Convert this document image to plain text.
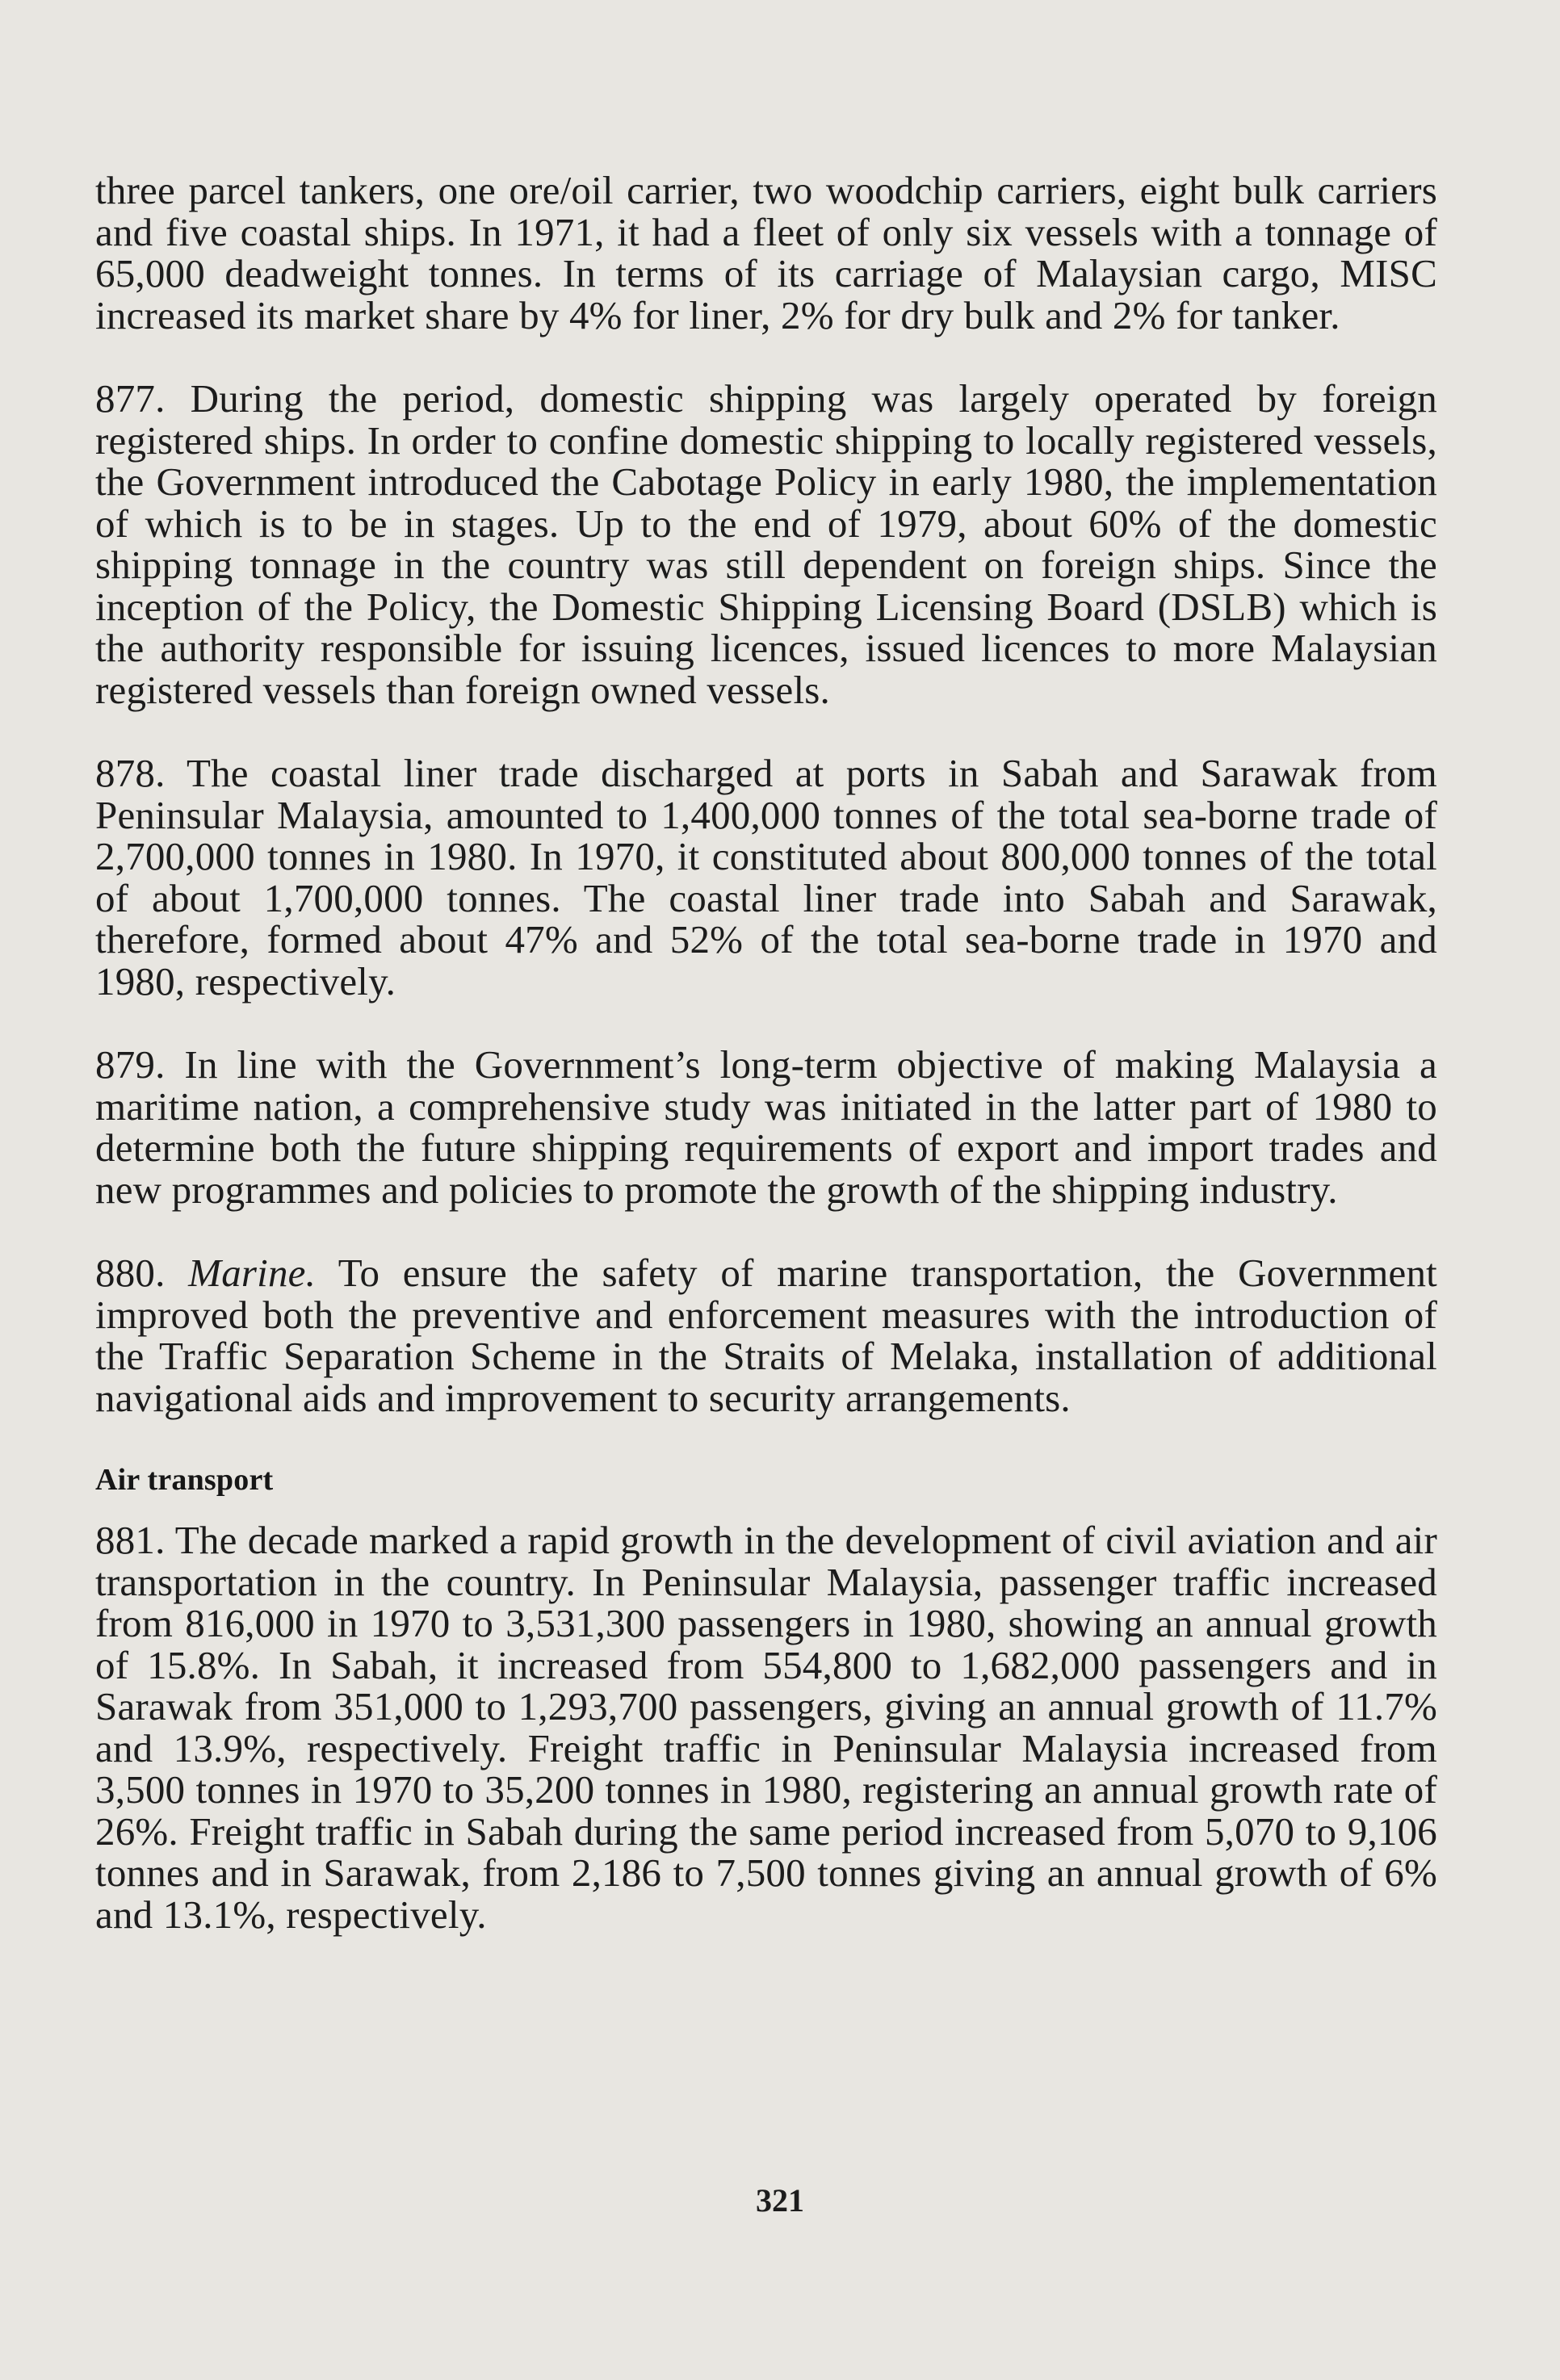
three parcel tankers, one ore/oil carrier, two woodchip carriers, eight bulk carriers and five coastal ships. In 1971, it had a fleet of only six vessels with a tonnage of 65,000 deadweight tonnes. In terms of its carriage of Malaysian cargo, MISC increased its market share by 4% for liner, 2% for dry bulk and 2% for tanker.

877. During the period, domestic shipping was largely operated by foreign registered ships. In order to confine domestic shipping to locally registered vessels, the Government introduced the Cabotage Policy in early 1980, the implementation of which is to be in stages. Up to the end of 1979, about 60% of the domestic shipping tonnage in the country was still dependent on foreign ships. Since the inception of the Policy, the Domestic Shipping Licensing Board (DSLB) which is the authority responsible for issuing licences, issued licences to more Malaysian registered vessels than foreign owned vessels.

878. The coastal liner trade discharged at ports in Sabah and Sarawak from Peninsular Malaysia, amounted to 1,400,000 tonnes of the total sea-borne trade of 2,700,000 tonnes in 1980. In 1970, it constituted about 800,000 tonnes of the total of about 1,700,000 tonnes. The coastal liner trade into Sabah and Sarawak, therefore, formed about 47% and 52% of the total sea-borne trade in 1970 and 1980, respectively.

879. In line with the Government’s long-term objective of making Malaysia a maritime nation, a comprehensive study was initiated in the latter part of 1980 to determine both the future shipping requirements of export and import trades and new programmes and policies to promote the growth of the shipping industry.

880. Marine. To ensure the safety of marine transportation, the Government improved both the preventive and enforcement measures with the introduction of the Traffic Separation Scheme in the Straits of Melaka, installation of additional navigational aids and improvement to security arrangements.

Air transport

881. The decade marked a rapid growth in the development of civil aviation and air transportation in the country. In Peninsular Malaysia, passenger traffic increased from 816,000 in 1970 to 3,531,300 passengers in 1980, showing an annual growth of 15.8%. In Sabah, it increased from 554,800 to 1,682,000 passengers and in Sarawak from 351,000 to 1,293,700 passengers, giving an annual growth of 11.7% and 13.9%, respectively. Freight traffic in Peninsular Malaysia increased from 3,500 tonnes in 1970 to 35,200 tonnes in 1980, registering an annual growth rate of 26%. Freight traffic in Sabah during the same period increased from 5,070 to 9,106 tonnes and in Sarawak, from 2,186 to 7,500 tonnes giving an annual growth of 6% and 13.1%, respectively.

321
